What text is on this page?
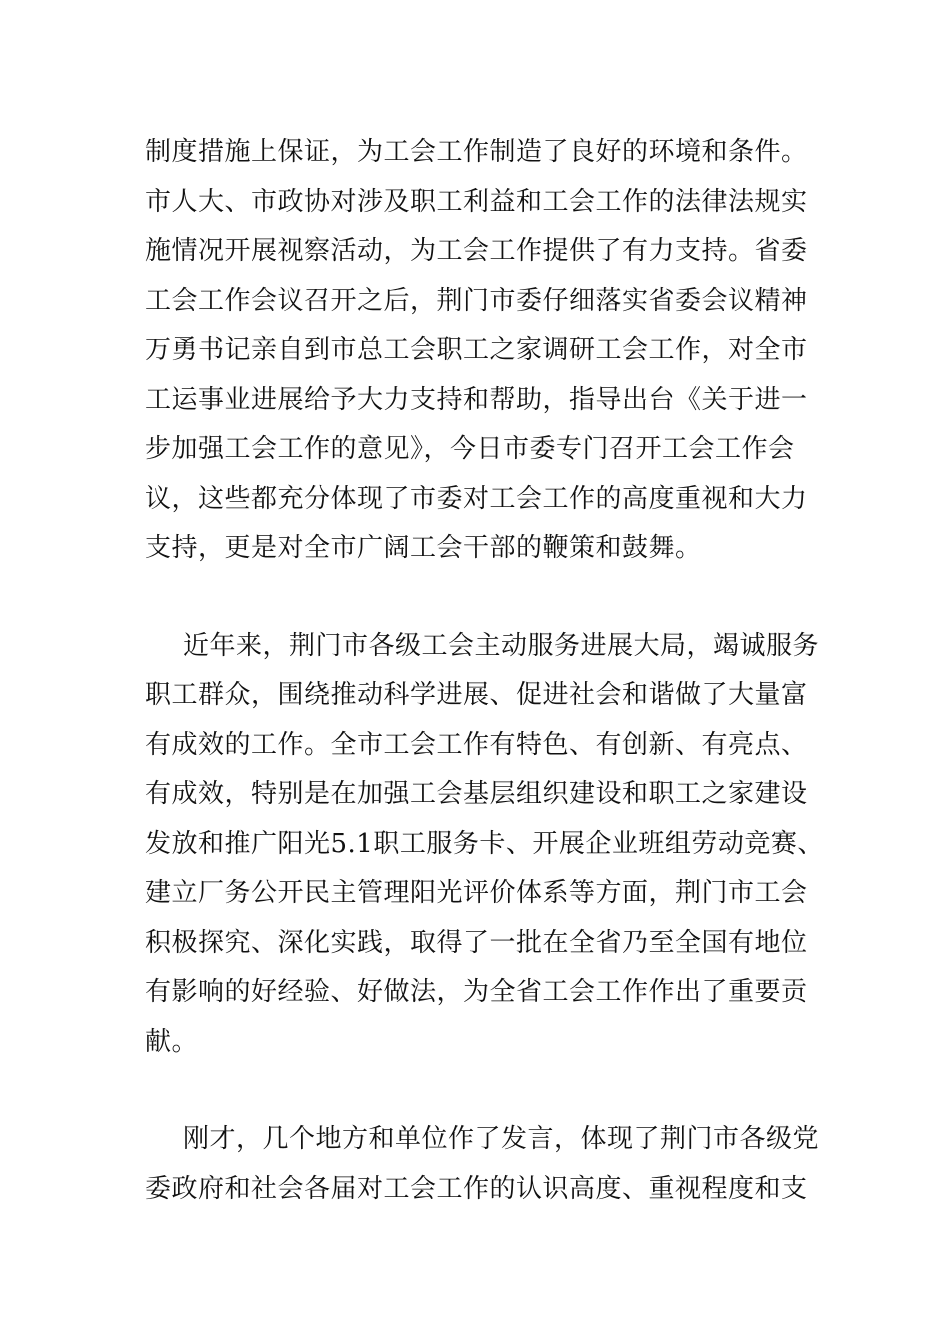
制度措施上保证，为工会工作制造了良好的环境和条件。
市人大、市政协对涉及职工利益和工会工作的法律法规实
施情况开展视察活动，为工会工作提供了有力支持。省委
工会工作会议召开之后，荆门市委仔细落实省委会议精神
万勇书记亲自到市总工会职工之家调研工会工作，对全市
工运事业进展给予大力支持和帮助，指导出台《关于进一
步加强工会工作的意见》，今日市委专门召开工会工作会
议，这些都充分体现了市委对工会工作的高度重视和大力
支持，更是对全市广阔工会干部的鞭策和鼓舞。
近年来，荆门市各级工会主动服务进展大局，竭诚服务
职工群众，围绕推动科学进展、促进社会和谐做了大量富
有成效的工作。全市工会工作有特色、有创新、有亮点、
有成效，特别是在加强工会基层组织建设和职工之家建设
发放和推广阳光5.1职工服务卡、开展企业班组劳动竞赛、
建立厂务公开民主管理阳光评价体系等方面，荆门市工会
积极探究、深化实践，取得了一批在全省乃至全国有地位
有影响的好经验、好做法，为全省工会工作作出了重要贡
献。
刚才，几个地方和单位作了发言，体现了荆门市各级党
委政府和社会各届对工会工作的认识高度、重视程度和支
